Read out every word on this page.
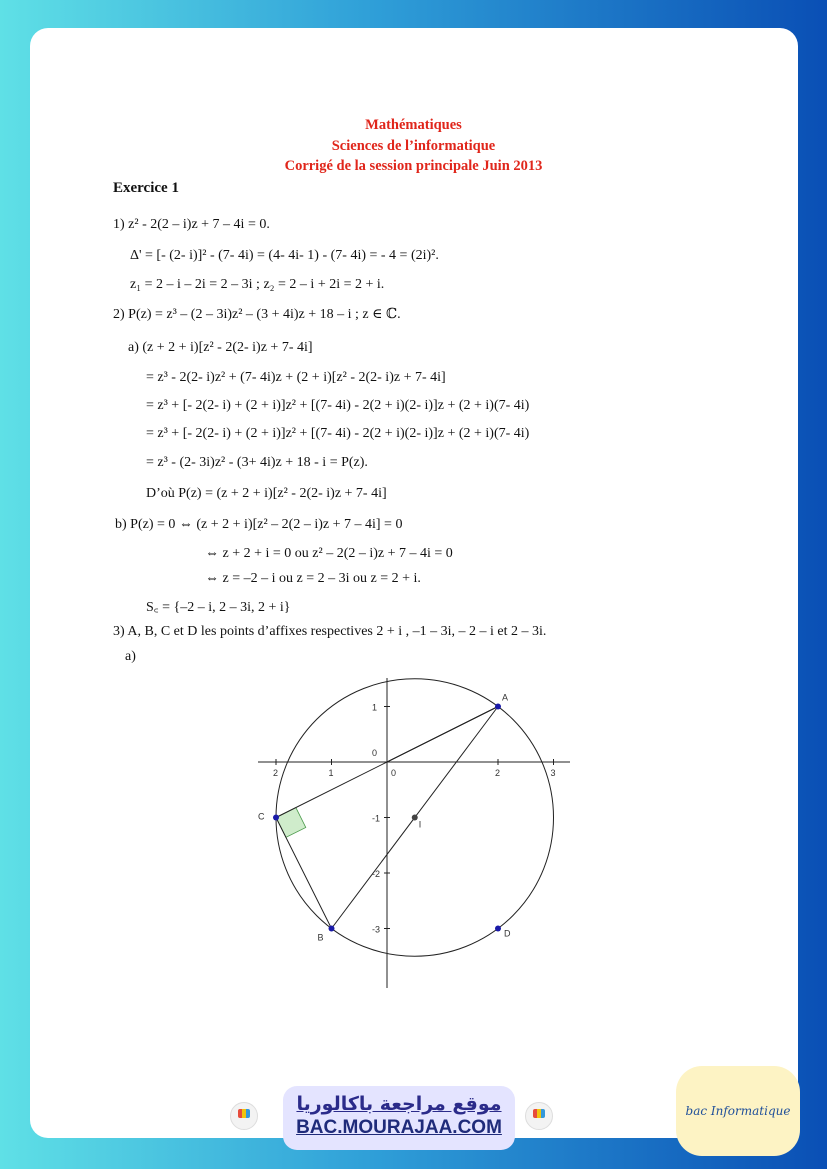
Mathématiques
Sciences de l’informatique
Corrigé de la session principale Juin 2013
Exercice 1
1) z² - 2(2 – i)z + 7 – 4i = 0.
Δ' = [- (2- i)]² - (7- 4i) = (4- 4i- 1) - (7- 4i) = - 4 = (2i)².
z₁ = 2 – i – 2i = 2 – 3i ; z₂ = 2 – i + 2i = 2 + i.
2) P(z) = z³ – (2 – 3i)z² – (3 + 4i)z + 18 – i ; z ∈ ℂ.
a) (z + 2 + i)[z² - 2(2- i)z + 7- 4i]
= z³ - 2(2- i)z² + (7- 4i)z + (2 + i)[z² - 2(2- i)z + 7- 4i]
= z³ + [- 2(2- i) + (2 + i)]z² + [(7- 4i) - 2(2 + i)(2- i)]z + (2 + i)(7- 4i)
= z³ + [- 2(2- i) + (2 + i)]z² + [(7- 4i) - 2(2 + i)(2- i)]z + (2 + i)(7- 4i)
= z³ - (2- 3i)z² - (3+ 4i)z + 18 - i = P(z).
D’où P(z) = (z + 2 + i)[z² - 2(2- i)z + 7- 4i]
b) P(z) = 0 ⇔ (z + 2 + i)[z² – 2(2 – i)z + 7 – 4i] = 0
⇔ z + 2 + i = 0 ou z² – 2(2 – i)z + 7 – 4i = 0
⇔ z = –2 – i ou z = 2 – 3i ou z = 2 + i.
S꜀ = {–2 – i, 2 – 3i, 2 + i}
3) A, B, C et D les points d’affixes respectives 2 + i , –1 – 3i, – 2 – i et 2 – 3i.
a)
2	1	0	2	3
1
0
-1
-2
-3
A
B
C
D
I
موقع مراجعة باكالوريا
BAC.MOURAJAA.COM
bac Informatique
